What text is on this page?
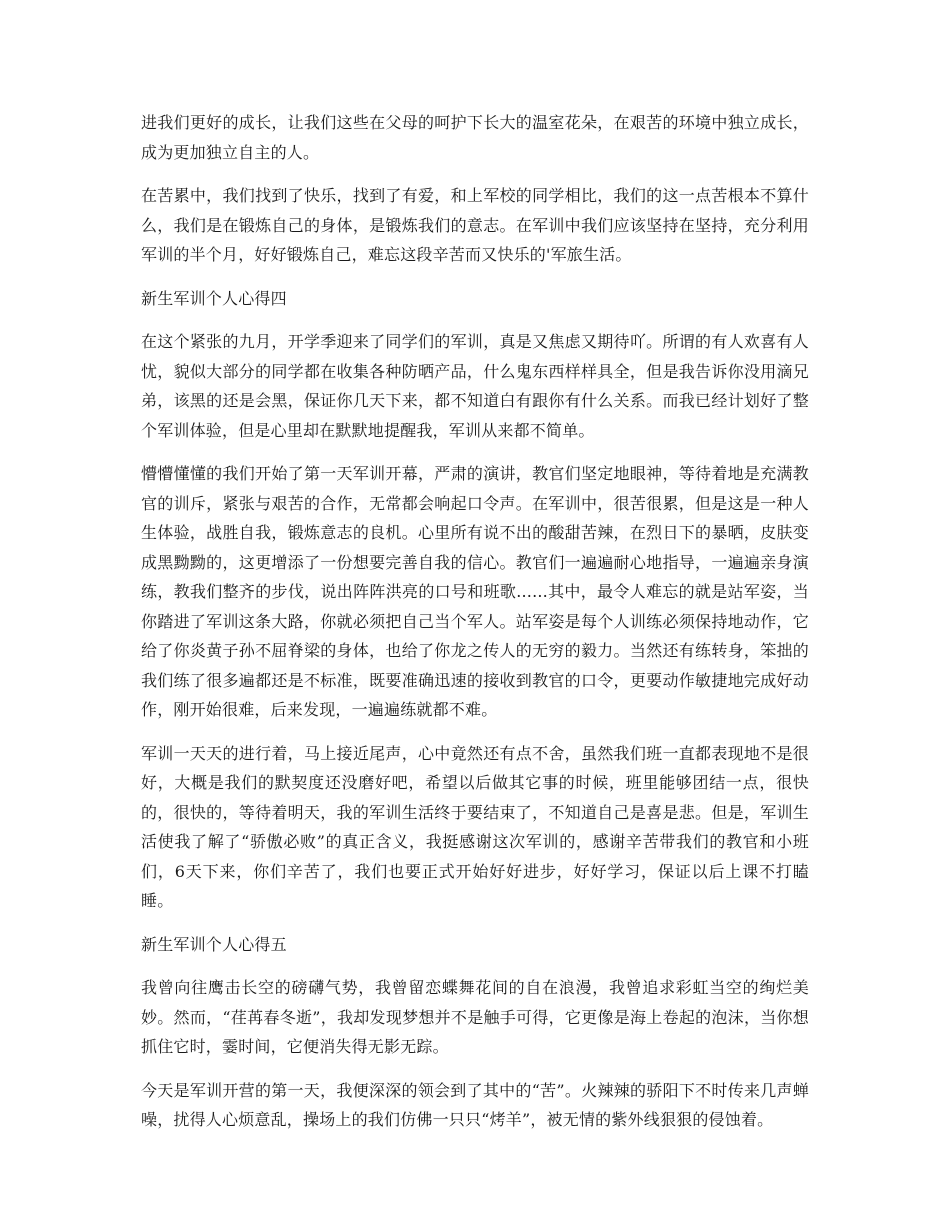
进我们更好的成长，让我们这些在父母的呵护下长大的温室花朵，在艰苦的环境中独立成长，成为更加独立自主的人。

在苦累中，我们找到了快乐，找到了有爱，和上军校的同学相比，我们的这一点苦根本不算什么，我们是在锻炼自己的身体，是锻炼我们的意志。在军训中我们应该坚持在坚持，充分利用军训的半个月，好好锻炼自己，难忘这段辛苦而又快乐的'军旅生活。

新生军训个人心得四

在这个紧张的九月，开学季迎来了同学们的军训，真是又焦虑又期待吖。所谓的有人欢喜有人忧，貌似大部分的同学都在收集各种防晒产品，什么鬼东西样样具全，但是我告诉你没用滴兄弟，该黑的还是会黑，保证你几天下来，都不知道白有跟你有什么关系。而我已经计划好了整个军训体验，但是心里却在默默地提醒我，军训从来都不简单。

懵懵懂懂的我们开始了第一天军训开幕，严肃的演讲，教官们坚定地眼神，等待着地是充满教官的训斥，紧张与艰苦的合作，无常都会响起口令声。在军训中，很苦很累，但是这是一种人生体验，战胜自我，锻炼意志的良机。心里所有说不出的酸甜苦辣，在烈日下的暴晒，皮肤变成黑黝黝的，这更增添了一份想要完善自我的信心。教官们一遍遍耐心地指导，一遍遍亲身演练，教我们整齐的步伐，说出阵阵洪亮的口号和班歌......其中，最令人难忘的就是站军姿，当你踏进了军训这条大路，你就必须把自己当个军人。站军姿是每个人训练必须保持地动作，它给了你炎黄子孙不屈脊梁的身体，也给了你龙之传人的无穷的毅力。当然还有练转身，笨拙的我们练了很多遍都还是不标准，既要准确迅速的接收到教官的口令，更要动作敏捷地完成好动作，刚开始很难，后来发现，一遍遍练就都不难。

军训一天天的进行着，马上接近尾声，心中竟然还有点不舍，虽然我们班一直都表现地不是很好，大概是我们的默契度还没磨好吧，希望以后做其它事的时候，班里能够团结一点，很快的，很快的，等待着明天，我的军训生活终于要结束了，不知道自己是喜是悲。但是，军训生活使我了解了“骄傲必败”的真正含义，我挺感谢这次军训的，感谢辛苦带我们的教官和小班们，6天下来，你们辛苦了，我们也要正式开始好好进步，好好学习，保证以后上课不打瞌睡。

新生军训个人心得五

我曾向往鹰击长空的磅礴气势，我曾留恋蝶舞花间的自在浪漫，我曾追求彩虹当空的绚烂美妙。然而，“荏苒春冬逝”，我却发现梦想并不是触手可得，它更像是海上卷起的泡沫，当你想抓住它时，霎时间，它便消失得无影无踪。

今天是军训开营的第一天，我便深深的领会到了其中的“苦”。火辣辣的骄阳下不时传来几声蝉噪，扰得人心烦意乱，操场上的我们仿佛一只只“烤羊”，被无情的紫外线狠狠的侵蚀着。
